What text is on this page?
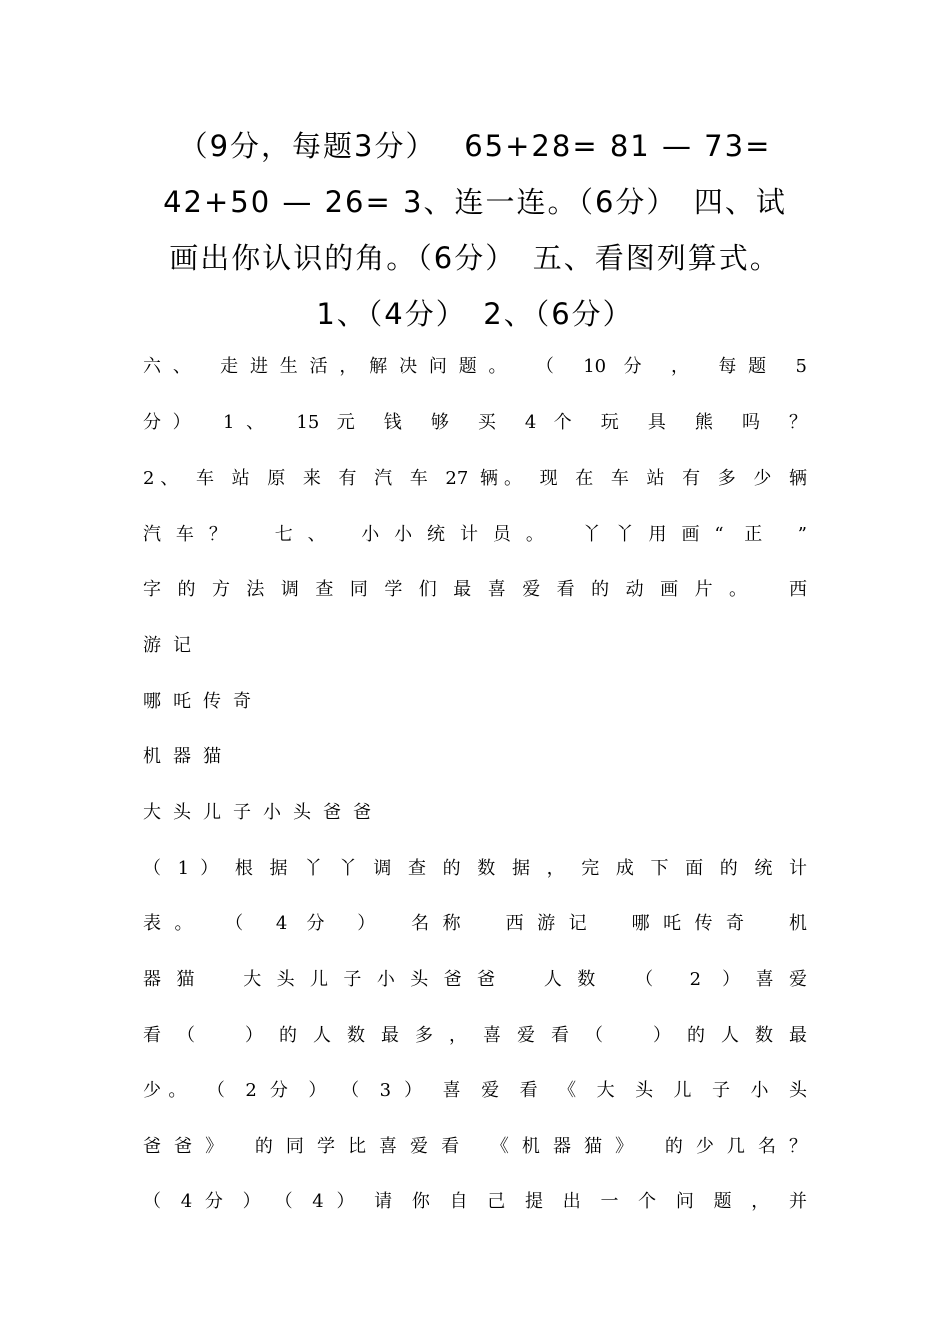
（9分，每题3分）　 65+28= 81 — 73=
42+50 — 26= 3、连一连。（6分）　四、试
画出你认识的角。（6分）　五、看图列算式。
1、（4分）　2、（6分）
六、 走进生活，解决问题。 （ 10 分 ， 每题 5
分）　1、　15 元 钱 够 买 4 个 玩 具 熊 吗 ？
2、 车 站 原 来 有 汽 车 27 辆。 现 在 车 站 有 多 少 辆
汽车？　七、 小小统计员。　丫丫用画“ 正 ”
字的方法调查同学们最喜爱看的动画片。　西
游记
哪吒传奇
机器猫
大头儿子小头爸爸
（ 1 ） 根 据 丫 丫 调 查 的 数 据 ， 完 成 下 面 的 统 计
表。 （ 4 分 ）　名称　西游记　哪吒传奇　机
器猫　大头儿子小头爸爸　人数　（ 2 ）喜爱
看（　）的人数最多，喜爱看（　）的人数最
少。 （ 2 分 ）　（ 3 ） 喜 爱 看 《 大 头 儿 子 小 头
爸爸》 的同学比喜爱看 《机器猫》 的少几名？
（ 4 分 ）　（ 4 ） 请 你 自 己 提 出 一 个 问 题 ， 并
